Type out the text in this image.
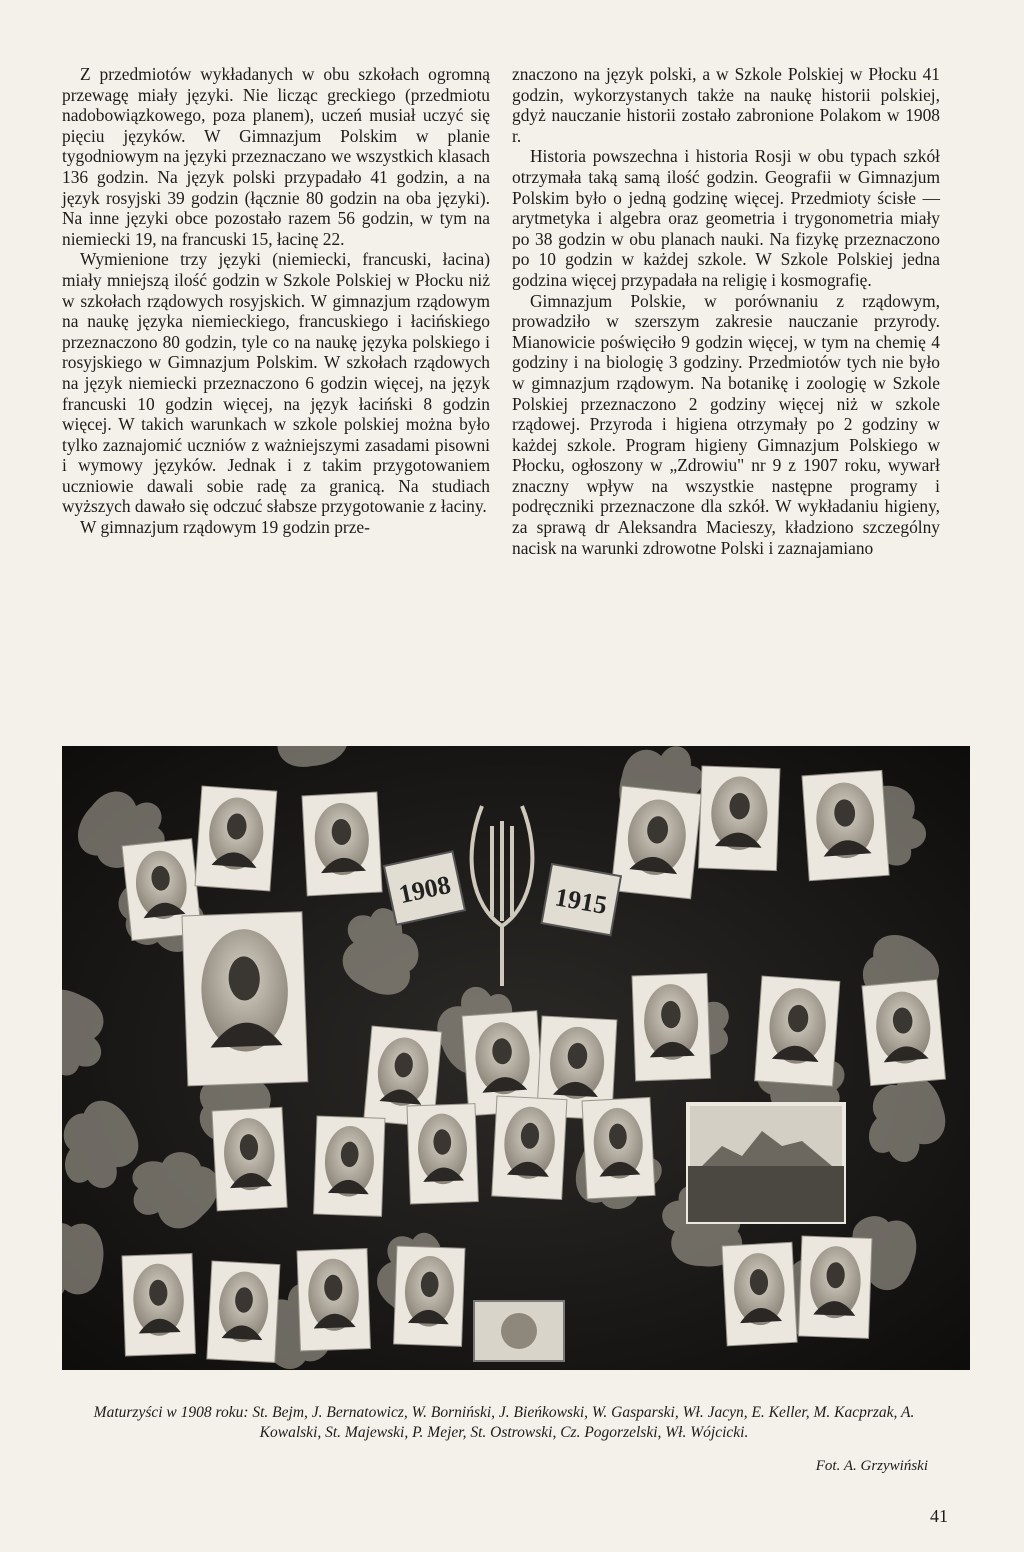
Z przedmiotów wykładanych w obu szkołach ogromną przewagę miały języki. Nie licząc greckiego (przedmiotu nadobowiązkowego, poza planem), uczeń musiał uczyć się pięciu języków. W Gimnazjum Polskim w planie tygodniowym na języki przeznaczano we wszystkich klasach 136 godzin. Na język polski przypadało 41 godzin, a na język rosyjski 39 godzin (łącznie 80 godzin na oba języki). Na inne języki obce pozostało razem 56 godzin, w tym na niemiecki 19, na francuski 15, łacinę 22.

Wymienione trzy języki (niemiecki, francuski, łacina) miały mniejszą ilość godzin w Szkole Polskiej w Płocku niż w szkołach rządowych rosyjskich. W gimnazjum rządowym na naukę języka niemieckiego, francuskiego i łacińskiego przeznaczono 80 godzin, tyle co na naukę języka polskiego i rosyjskiego w Gimnazjum Polskim. W szkołach rządowych na język niemiecki przeznaczono 6 godzin więcej, na język francuski 10 godzin więcej, na język łaciński 8 godzin więcej. W takich warunkach w szkole polskiej można było tylko zaznajomić uczniów z ważniejszymi zasadami pisowni i wymowy języków. Jednak i z takim przygotowaniem uczniowie dawali sobie radę za granicą. Na studiach wyższych dawało się odczuć słabsze przygotowanie z łaciny.

W gimnazjum rządowym 19 godzin prze-

znaczono na język polski, a w Szkole Polskiej w Płocku 41 godzin, wykorzystanych także na naukę historii polskiej, gdyż nauczanie historii zostało zabronione Polakom w 1908 r.

Historia powszechna i historia Rosji w obu typach szkół otrzymała taką samą ilość godzin. Geografii w Gimnazjum Polskim było o jedną godzinę więcej. Przedmioty ścisłe — arytmetyka i algebra oraz geometria i trygonometria miały po 38 godzin w obu planach nauki. Na fizykę przeznaczono po 10 godzin w każdej szkole. W Szkole Polskiej jedna godzina więcej przypadała na religię i kosmografię.

Gimnazjum Polskie, w porównaniu z rządowym, prowadziło w szerszym zakresie nauczanie przyrody. Mianowicie poświęciło 9 godzin więcej, w tym na chemię 4 godziny i na biologię 3 godziny. Przedmiotów tych nie było w gimnazjum rządowym. Na botanikę i zoologię w Szkole Polskiej przeznaczono 2 godziny więcej niż w szkole rządowej. Przyroda i higiena otrzymały po 2 godziny w każdej szkole. Program higieny Gimnazjum Polskiego w Płocku, ogłoszony w „Zdrowiu" nr 9 z 1907 roku, wywarł znaczny wpływ na wszystkie następne programy i podręczniki przeznaczone dla szkół. W wykładaniu higieny, za sprawą dr Aleksandra Macieszy, kładziono szczególny nacisk na warunki zdrowotne Polski i zaznajamiano

1908	1915
Maturzyści w 1908 roku: St. Bejm, J. Bernatowicz, W. Borniński, J. Bieńkowski, W. Gasparski, Wł. Jacyn, E. Keller, M. Kacprzak, A. Kowalski, St. Majewski, P. Mejer, St. Ostrowski, Cz. Pogorzelski, Wł. Wójcicki.
Fot. A. Grzywiński
41
